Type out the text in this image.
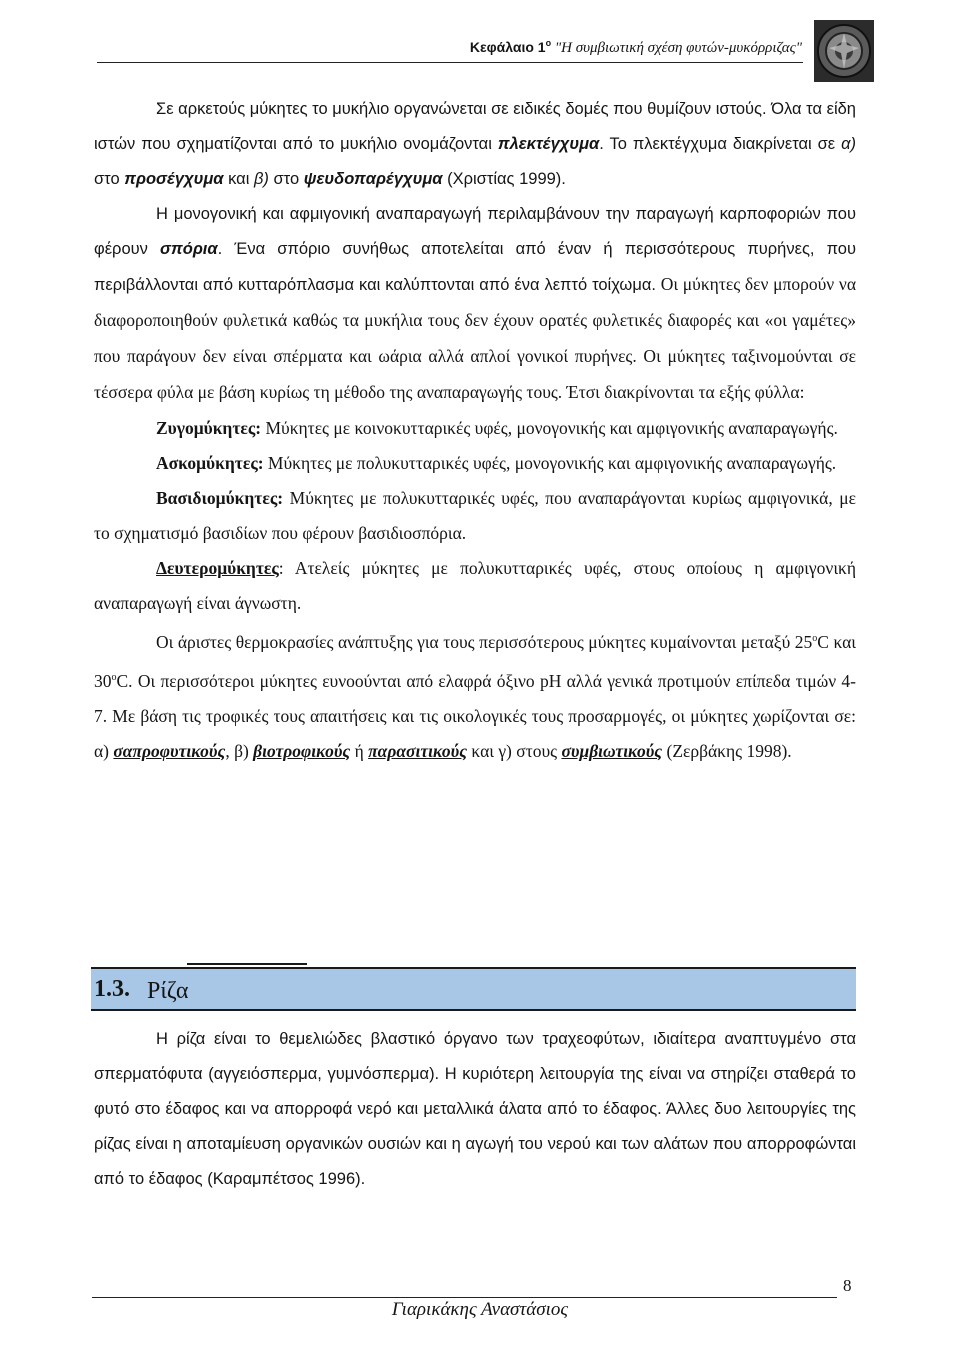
Κεφάλαιο $1^o$ "Η συμβιωτική σχέση φυτών-μυκόρριζας"

Σε αρκετούς μύκητες το μυκήλιο οργανώνεται σε ειδικές δομές που θυμίζουν ιστούς. Όλα τα είδη ιστών που σχηματίζονται από το μυκήλιο ονομάζονται πλεκτέγχυμα. Το πλεκτέγχυμα διακρίνεται σε α) στο προσέγχυμα και β) στο ψευδοπαρέγχυμα (Χριστίας 1999).

Η μονογονική και αφμιγονική αναπαραγωγή περιλαμβάνουν την παραγωγή καρποφοριών που φέρουν σπόρια. Ένα σπόριο συνήθως αποτελείται από έναν ή περισσότερους πυρήνες, που περιβάλλονται από κυτταρόπλασμα και καλύπτονται από ένα λεπτό τοίχωμα. Οι μύκητες δεν μπορούν να διαφοροποιηθούν φυλετικά καθώς τα μυκήλια τους δεν έχουν ορατές φυλετικές διαφορές και «οι γαμέτες» που παράγουν δεν είναι σπέρματα και ωάρια αλλά απλοί γονικοί πυρήνες. Οι μύκητες ταξινομούνται σε τέσσερα φύλα με βάση κυρίως τη μέθοδο της αναπαραγωγής τους. Έτσι διακρίνονται τα εξής φύλλα:

Ζυγομύκητες: Μύκητες με κοινοκυτταρικές υφές, μονογονικής και αμφιγονικής αναπαραγωγής.

Ασκομύκητες: Μύκητες με πολυκυτταρικές υφές, μονογονικής και αμφιγονικής αναπαραγωγής.

Βασιδιομύκητες: Μύκητες με πολυκυτταρικές υφές, που αναπαράγονται κυρίως αμφιγονικά, με το σχηματισμό βασιδίων που φέρουν βασιδιοσπόρια.

Δευτερομύκητες: Ατελείς μύκητες με πολυκυτταρικές υφές, στους οποίους η αμφιγονική αναπαραγωγή είναι άγνωστη.

Οι άριστες θερμοκρασίες ανάπτυξης για τους περισσότερους μύκητες κυμαίνονται μεταξύ 25$^o$C και 30$^o$C. Οι περισσότεροι μύκητες ευνοούνται από ελαφρά όξινο pH αλλά γενικά προτιμούν επίπεδα τιμών 4-7. Με βάση τις τροφικές τους απαιτήσεις και τις οικολογικές τους προσαρμογές, οι μύκητες χωρίζονται σε: α) σαπροφυτικούς, β) βιοτροφικούς ή παρασιτικούς και γ) στους συμβιωτικούς (Ζερβάκης 1998).

1.3. Ρίζα

Η ρίζα είναι το θεμελιώδες βλαστικό όργανο των τραχεοφύτων, ιδιαίτερα αναπτυγμένο στα σπερματόφυτα (αγγειόσπερμα, γυμνόσπερμα). Η κυριότερη λειτουργία της είναι να στηρίζει σταθερά το φυτό στο έδαφος και να απορροφά νερό και μεταλλικά άλατα από το έδαφος. Άλλες δυο λειτουργίες της ρίζας είναι η αποταμίευση οργανικών ουσιών και η αγωγή του νερού και των αλάτων που απορροφώνται από το έδαφος (Καραμπέτσος 1996).

8
Γιαρικάκης Αναστάσιος
